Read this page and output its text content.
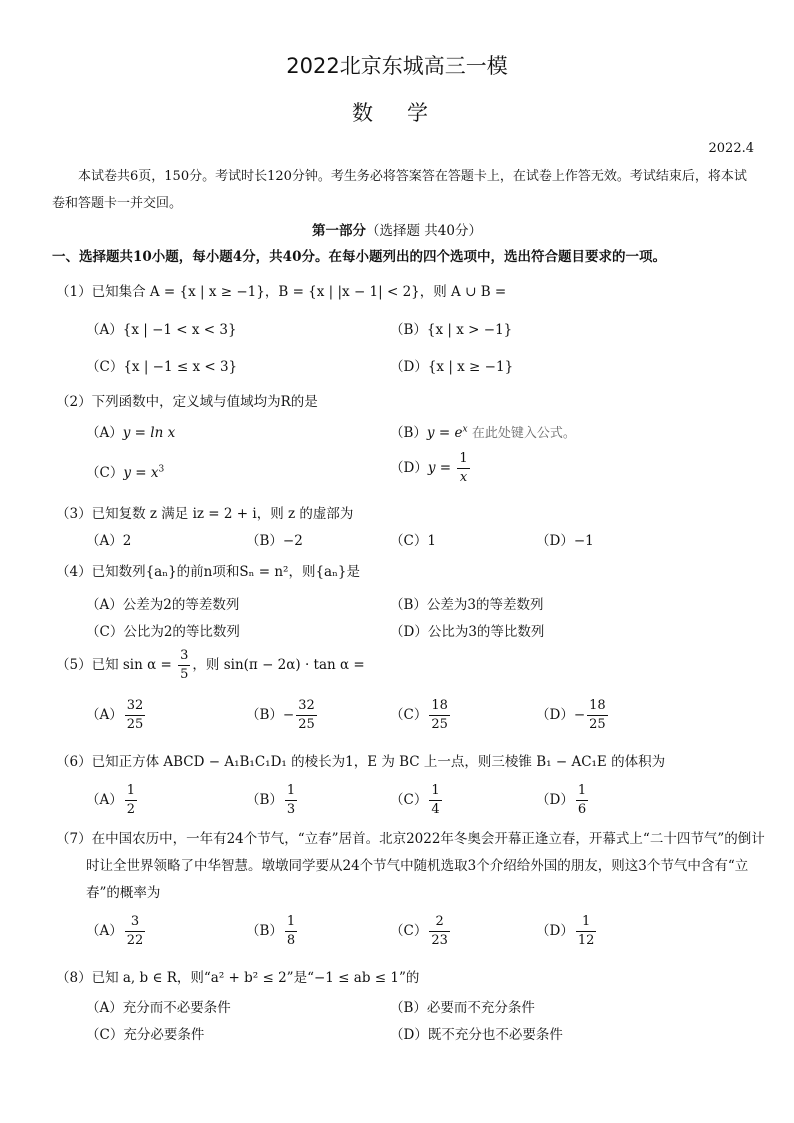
2022北京东城高三一模
数学
2022.4
本试卷共6页，150分。考试时长120分钟。考生务必将答案答在答题卡上，在试卷上作答无效。考试结束后，将本试卷和答题卡一并交回。
第一部分（选择题 共40分）
一、选择题共10小题，每小题4分，共40分。在每小题列出的四个选项中，选出符合题目要求的一项。
（1）已知集合 A = {x | x ≥ −1}，B = {x | |x − 1| < 2}，则 A ∪ B =
（A）{x | −1 < x < 3}	（B）{x | x > −1}
（C）{x | −1 ≤ x < 3}	（D）{x | x ≥ −1}
（2）下列函数中，定义域与值域均为R的是
（A）y = ln x	$(B)y = e^x$ 在此处键入公式。
$(C)y = x^3$	$(D)y = \frac{1}{x}$
（3）已知复数 z 满足 iz = 2 + i，则 z 的虚部为
（A）2	（B）−2	（C）1	（D）−1
（4）已知数列{aₙ}的前n项和Sₙ = n²，则{aₙ}是
（A）公差为2的等差数列	（B）公差为3的等差数列
（C）公比为2的等比数列	（D）公比为3的等比数列
（5）已知 $\sin \alpha = \frac{3}{5}$ ，则 sin(π − 2α) · tan α =
$(A) \frac{32}{25}$	$(B)- \frac{32}{25}$	$(C) \frac{18}{25}$	$(D)- \frac{18}{25}$
（6）已知正方体 ABCD − A₁B₁C₁D₁ 的棱长为1，E 为 BC 上一点，则三棱锥 B₁ − AC₁E 的体积为
$(A) \frac{1}{2}$	$(B) \frac{1}{3}$	$(C) \frac{1}{4}$	$(D) \frac{1}{6}$
（7）在中国农历中，一年有24个节气，“立春”居首。北京2022年冬奥会开幕正逢立春，开幕式上“二十四节气”的倒计时让全世界领略了中华智慧。墩墩同学要从24个节气中随机选取3个介绍给外国的朋友，则这3个节气中含有“立春”的概率为
$(A) \frac{3}{22}$	$(B) \frac{1}{8}$	$(C) \frac{2}{23}$	$(D) \frac{1}{12}$
（8）已知 a, b ∈ R，则“a² + b² ≤ 2”是“−1 ≤ ab ≤ 1”的
（A）充分而不必要条件	（B）必要而不充分条件
（C）充分必要条件	（D）既不充分也不必要条件
